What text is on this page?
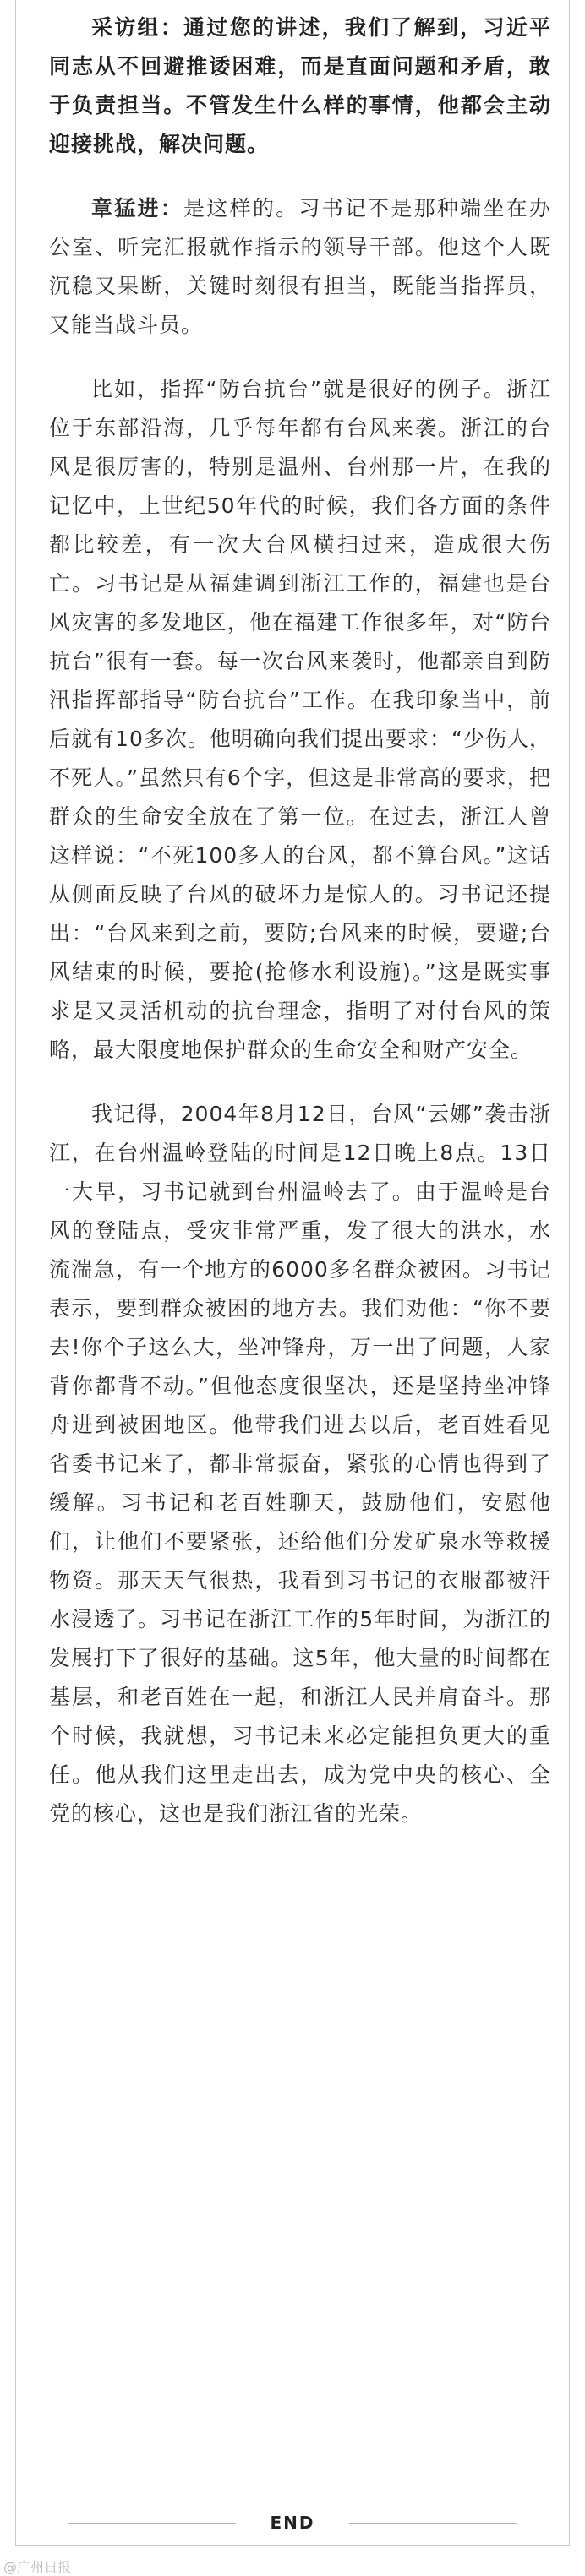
采访组：通过您的讲述，我们了解到，习近平同志从不回避推诿困难，而是直面问题和矛盾，敢于负责担当。不管发生什么样的事情，他都会主动迎接挑战，解决问题。

章猛进：是这样的。习书记不是那种端坐在办公室、听完汇报就作指示的领导干部。他这个人既沉稳又果断，关键时刻很有担当，既能当指挥员，又能当战斗员。

比如，指挥“防台抗台”就是很好的例子。浙江位于东部沿海，几乎每年都有台风来袭。浙江的台风是很厉害的，特别是温州、台州那一片，在我的记忆中，上世纪50年代的时候，我们各方面的条件都比较差，有一次大台风横扫过来，造成很大伤亡。习书记是从福建调到浙江工作的，福建也是台风灾害的多发地区，他在福建工作很多年，对“防台抗台”很有一套。每一次台风来袭时，他都亲自到防汛指挥部指导“防台抗台”工作。在我印象当中，前后就有10多次。他明确向我们提出要求：“少伤人，不死人。”虽然只有6个字，但这是非常高的要求，把群众的生命安全放在了第一位。在过去，浙江人曾这样说：“不死100多人的台风，都不算台风。”这话从侧面反映了台风的破坏力是惊人的。习书记还提出：“台风来到之前，要防;台风来的时候，要避;台风结束的时候，要抢(抢修水利设施)。”这是既实事求是又灵活机动的抗台理念，指明了对付台风的策略，最大限度地保护群众的生命安全和财产安全。

我记得，2004年8月12日，台风“云娜”袭击浙江，在台州温岭登陆的时间是12日晚上8点。13日一大早，习书记就到台州温岭去了。由于温岭是台风的登陆点，受灾非常严重，发了很大的洪水，水流湍急，有一个地方的6000多名群众被困。习书记表示，要到群众被困的地方去。我们劝他：“你不要去!你个子这么大，坐冲锋舟，万一出了问题，人家背你都背不动。”但他态度很坚决，还是坚持坐冲锋舟进到被困地区。他带我们进去以后，老百姓看见省委书记来了，都非常振奋，紧张的心情也得到了缓解。习书记和老百姓聊天，鼓励他们，安慰他们，让他们不要紧张，还给他们分发矿泉水等救援物资。那天天气很热，我看到习书记的衣服都被汗水浸透了。习书记在浙江工作的5年时间，为浙江的发展打下了很好的基础。这5年，他大量的时间都在基层，和老百姓在一起，和浙江人民并肩奋斗。那个时候，我就想，习书记未来必定能担负更大的重任。他从我们这里走出去，成为党中央的核心、全党的核心，这也是我们浙江省的光荣。

END
@广州日报
